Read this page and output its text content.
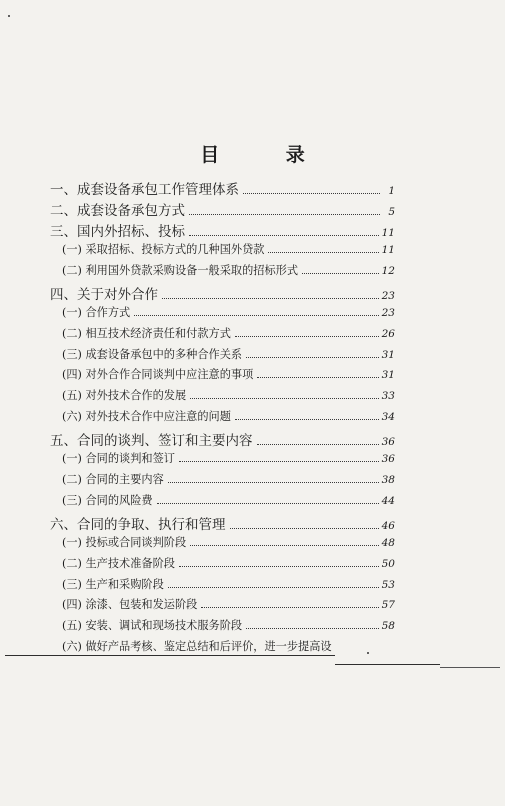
目 录
一、成套设备承包工作管理体系	1
二、成套设备承包方式	5
三、国内外招标、投标	11
(一) 采取招标、投标方式的几种国外贷款	11
(二) 利用国外贷款采购设备一般采取的招标形式	12
四、关于对外合作	23
(一) 合作方式	23
(二) 相互技术经济责任和付款方式	26
(三) 成套设备承包中的多种合作关系	31
(四) 对外合作合同谈判中应注意的事项	31
(五) 对外技术合作的发展	33
(六) 对外技术合作中应注意的问题	34
五、合同的谈判、签订和主要内容	36
(一) 合同的谈判和签订	36
(二) 合同的主要内容	38
(三) 合同的风险费	44
六、合同的争取、执行和管理	46
(一) 投标或合同谈判阶段	48
(二) 生产技术准备阶段	50
(三) 生产和采购阶段	53
(四) 涂漆、包装和发运阶段	57
(五) 安装、调试和现场技术服务阶段	58
(六) 做好产品考核、鉴定总结和后评价，进一步提高设
